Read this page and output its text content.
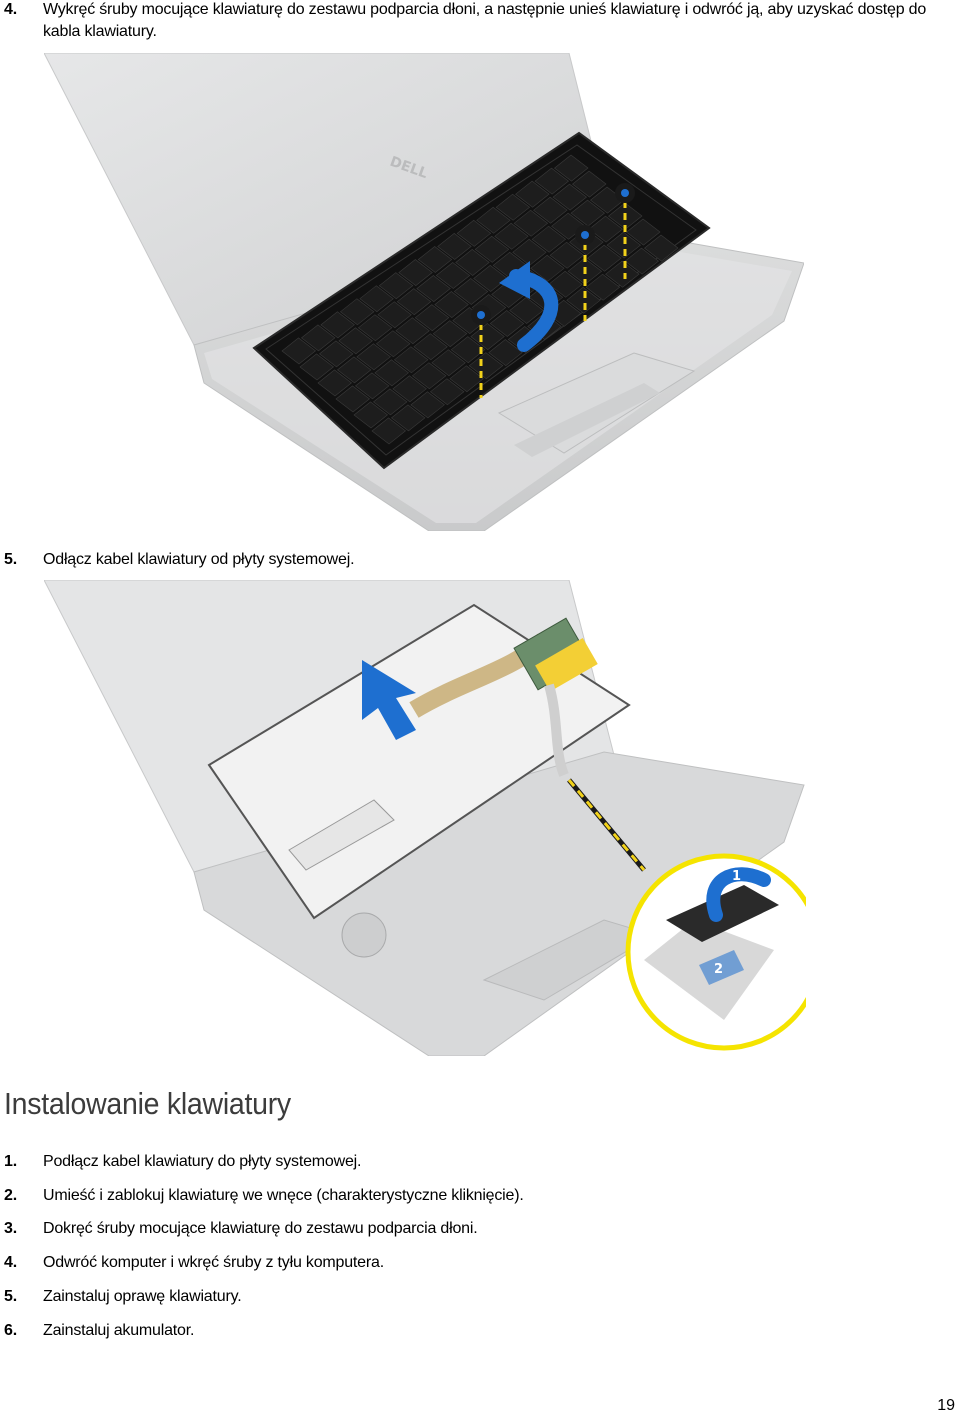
4.	Wykręć śruby mocujące klawiaturę do zestawu podparcia dłoni, a następnie unieś klawiaturę i odwróć ją, aby uzyskać dostęp do kabla klawiatury.
DELL
5.	Odłącz kabel klawiatury od płyty systemowej.
1
2
Instalowanie klawiatury
1.	Podłącz kabel klawiatury do płyty systemowej.
2.	Umieść i zablokuj klawiaturę we wnęce (charakterystyczne kliknięcie).
3.	Dokręć śruby mocujące klawiaturę do zestawu podparcia dłoni.
4.	Odwróć komputer i wkręć śruby z tyłu komputera.
5.	Zainstaluj oprawę klawiatury.
6.	Zainstaluj akumulator.
19
